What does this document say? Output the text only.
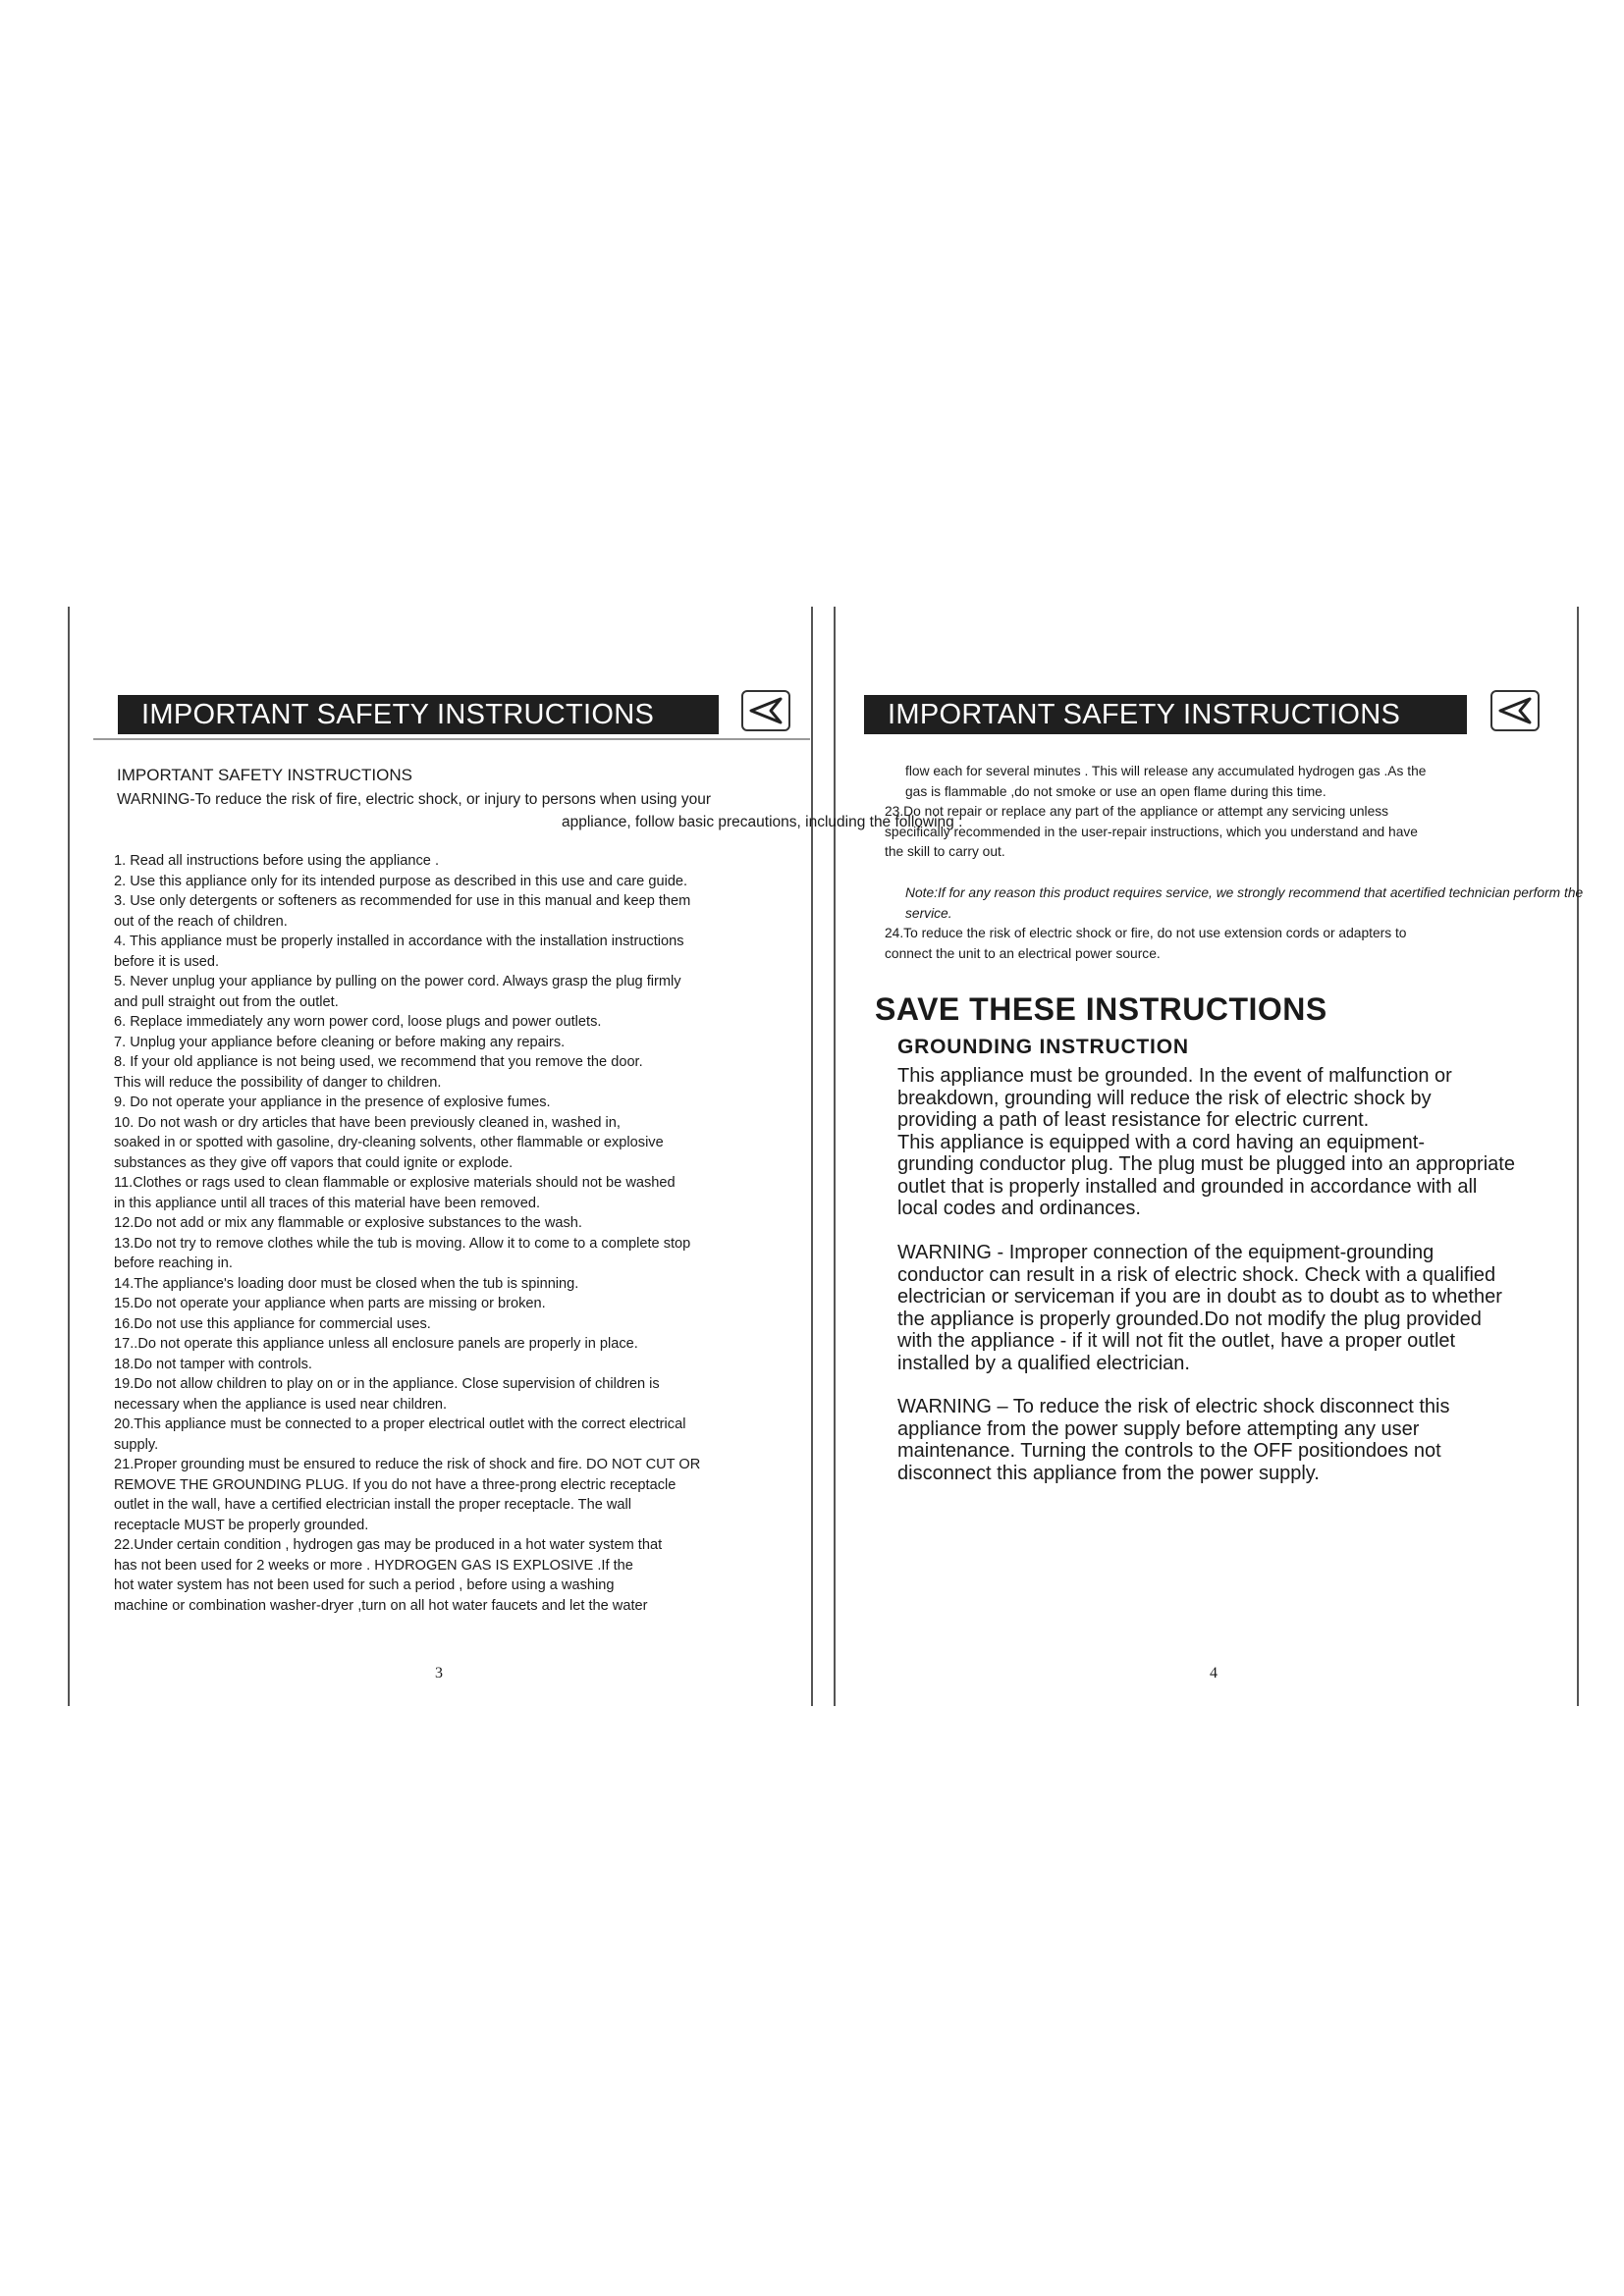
IMPORTANT SAFETY INSTRUCTIONS
IMPORTANT SAFETY INSTRUCTIONS
WARNING-To reduce the risk of fire, electric shock, or injury to persons when using your
appliance, follow basic precautions, including the following :
1. Read all instructions before using the appliance .
2. Use this appliance only for its intended purpose as described in this use and care guide.
3. Use only detergents or softeners as recommended for use in this manual and keep them
out of the reach of children.
4. This appliance must be properly installed in accordance with the installation instructions
before it is used.
5. Never unplug your appliance by pulling on the power cord. Always grasp the plug firmly
and pull straight out from the outlet.
6. Replace immediately any worn power cord, loose plugs and power outlets.
7. Unplug your appliance before cleaning or before making any repairs.
8. If your old appliance is not being used, we recommend that you remove the door.
This will reduce the possibility of danger to children.
9. Do not operate your appliance in the presence of explosive fumes.
10. Do not wash or dry articles that have been previously cleaned in, washed in,
soaked in or spotted with gasoline, dry-cleaning solvents, other flammable or explosive
substances as they give off vapors that could ignite or explode.
11.Clothes or rags used to clean flammable or explosive materials should not be washed
in this appliance until all traces of this material have been removed.
12.Do not add or mix any flammable or explosive substances to the wash.
13.Do not try to remove clothes while the tub is moving. Allow it to come to a complete stop
before reaching in.
14.The appliance's loading door must be closed when the tub is spinning.
15.Do not operate your appliance when parts are missing or broken.
16.Do not use this appliance for commercial uses.
17..Do not operate this appliance unless all enclosure panels are properly in place.
18.Do not tamper with controls.
19.Do not allow children to play on or in the appliance. Close supervision of children is
necessary when the appliance is used near children.
20.This appliance must be connected to a proper electrical outlet with the correct electrical
supply.
21.Proper grounding must be ensured to reduce the risk of shock and fire. DO NOT CUT OR
REMOVE THE GROUNDING PLUG. If you do not have a three-prong electric receptacle
outlet in the wall, have a certified electrician install the proper receptacle. The wall
receptacle MUST be properly grounded.
22.Under certain condition , hydrogen gas may be produced in a hot water system that
has not been used for 2 weeks or more . HYDROGEN GAS IS EXPLOSIVE .If the
hot water system has not been used for such a period , before using a washing
machine or combination washer-dryer ,turn on all hot water faucets and let the water
3
IMPORTANT SAFETY INSTRUCTIONS
flow each for several minutes . This will release any accumulated hydrogen gas .As the
gas is flammable ,do not smoke or use an open flame during this time.
23.Do not repair or replace any part of the appliance or attempt any servicing unless
specifically recommended in the user-repair instructions, which you understand and have
the skill to carry out.
Note:If for any reason this product requires service, we strongly recommend that acertified technician perform the service.
24.To reduce the risk of electric shock or fire, do not use extension cords or adapters to
connect the unit to an electrical power source.
SAVE THESE INSTRUCTIONS
GROUNDING INSTRUCTION
This appliance must be grounded. In the event of malfunction or
breakdown, grounding will reduce the risk of electric shock by
providing a path of least resistance for electric current.
This appliance is equipped with a cord having an equipment-
grunding conductor plug. The plug must be plugged into an appropriate
outlet that is properly installed and grounded in accordance with all
local codes and ordinances.
WARNING - Improper connection of the equipment-grounding
conductor can result in a risk of electric shock. Check with a qualified
electrician or serviceman if you are in doubt as to doubt as to whether
the appliance is properly grounded.Do not modify the plug provided
with the appliance - if it will not fit the outlet, have a proper outlet
installed by a qualified electrician.
WARNING – To reduce the risk of electric shock disconnect this
appliance from the power supply before attempting any user
maintenance. Turning the controls to the OFF positiondoes not
disconnect this appliance from the power supply.
4
